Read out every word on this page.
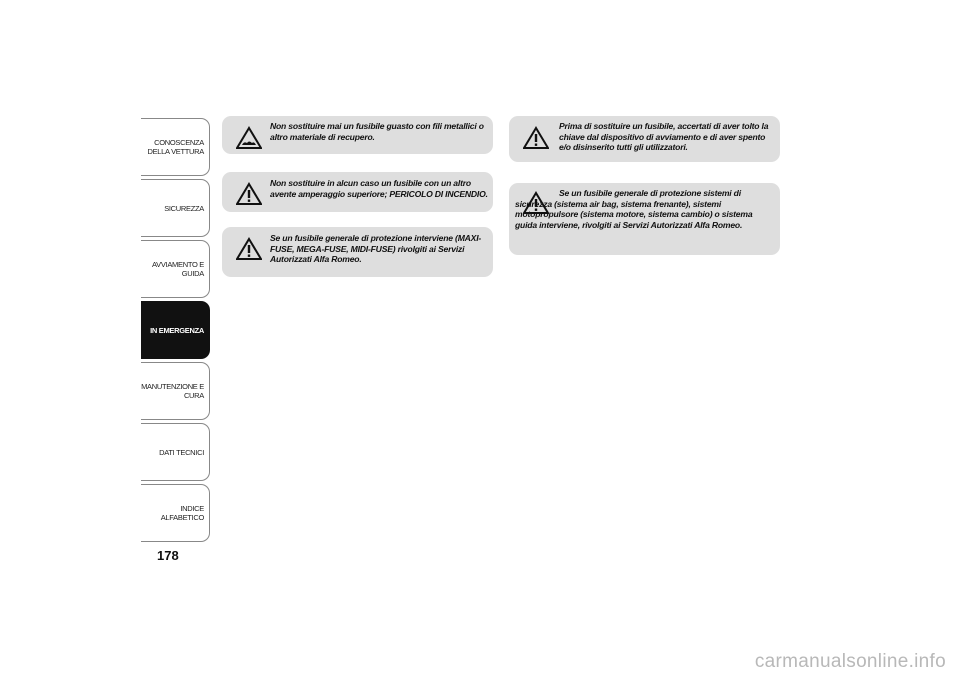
CONOSCENZA
DELLA VETTURA
SICUREZZA
AVVIAMENTO E
GUIDA
IN EMERGENZA
MANUTENZIONE E
CURA
DATI TECNICI
INDICE ALFABETICO
178
Non sostituire mai un fusibile guasto con fili metallici o altro materiale di recupero.
Non sostituire in alcun caso un fusibile con un altro avente amperaggio superiore; PERICOLO DI INCENDIO.
Se un fusibile generale di protezione interviene (MAXI-FUSE, MEGA-FUSE, MIDI-FUSE) rivolgiti ai Servizi Autorizzati Alfa Romeo.
Prima di sostituire un fusibile, accertati di aver tolto la chiave dal dispositivo di avviamento e di aver spento e/o disinserito tutti gli utilizzatori.
Se un fusibile generale di protezione sistemi di sicurezza (sistema air bag, sistema frenante), sistemi motopropulsore (sistema motore, sistema cambio) o sistema guida interviene, rivolgiti ai Servizi Autorizzati Alfa Romeo.
carmanualsonline.info
